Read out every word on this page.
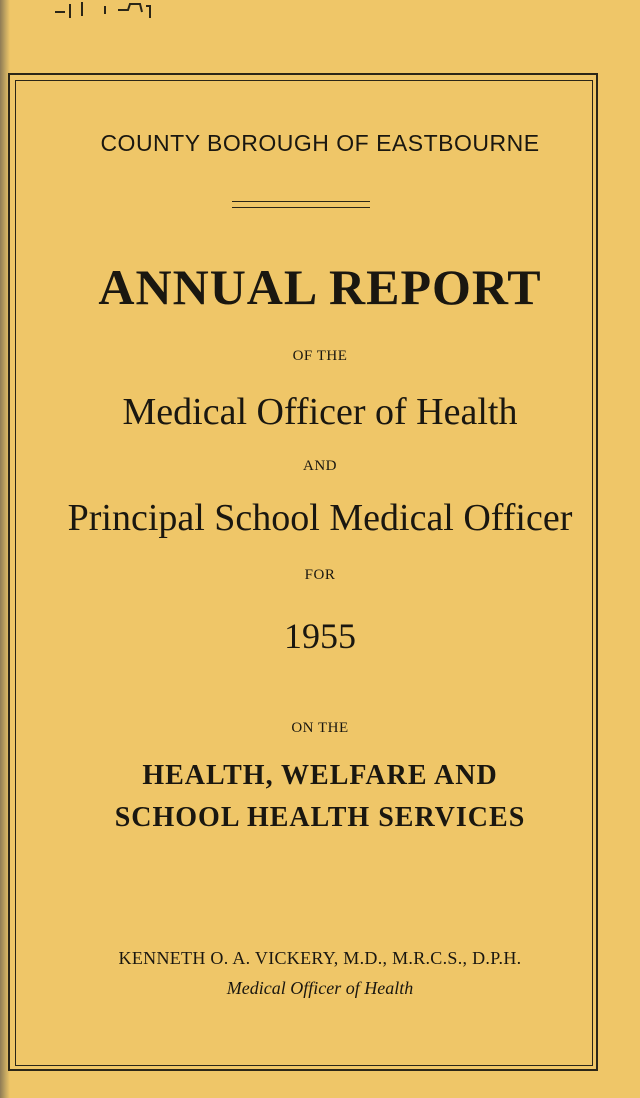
COUNTY BOROUGH OF EASTBOURNE
ANNUAL REPORT
OF THE
Medical Officer of Health
AND
Principal School Medical Officer
FOR
1955
ON THE
HEALTH, WELFARE AND
SCHOOL HEALTH SERVICES
KENNETH O. A. VICKERY, M.D., M.R.C.S., D.P.H.
Medical Officer of Health
